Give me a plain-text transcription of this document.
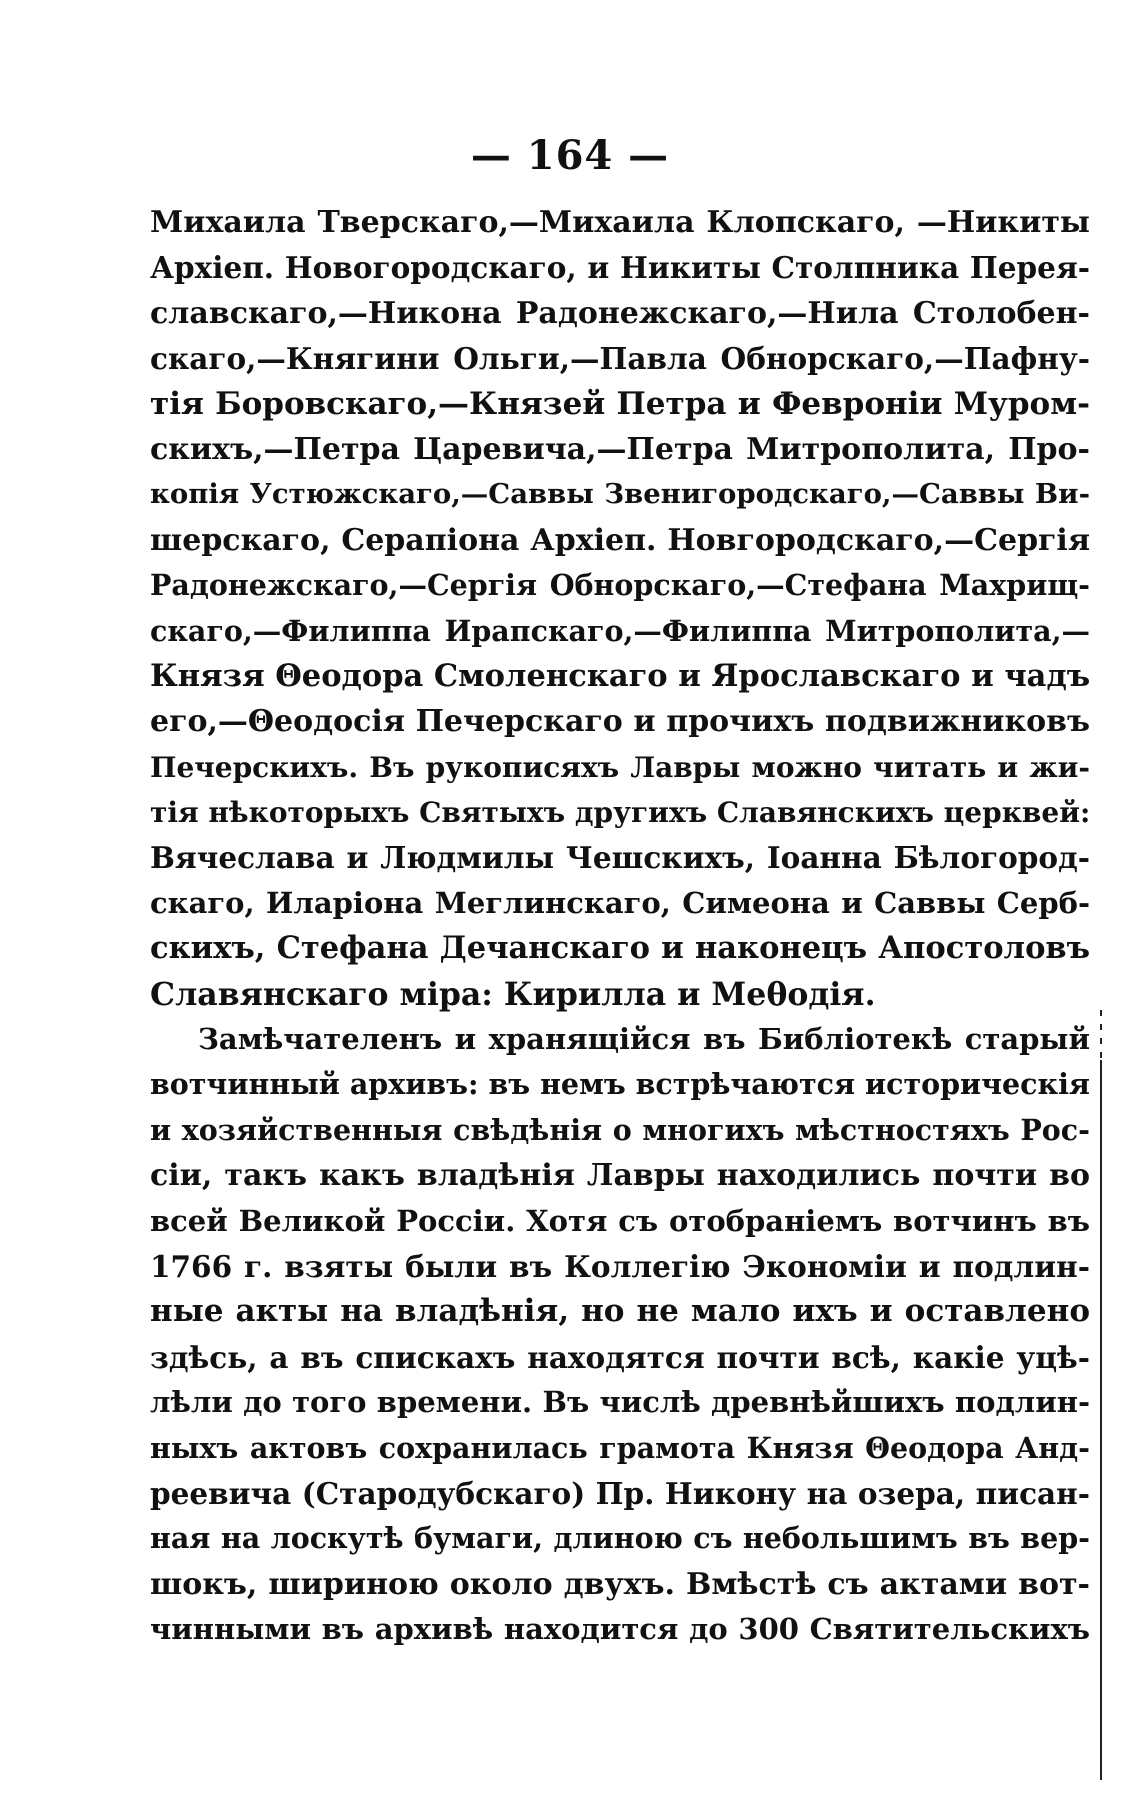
— 164 —
Михаила Тверскаго,—Михаила Клопскаго, —Никиты
Архіеп. Новогородскаго, и Никиты Столпника Перея-
славскаго,—Никона Радонежскаго,—Нила Столобен-
скаго,—Княгини Ольги,—Павла Обнорскаго,—Пафну-
тія Боровскаго,—Князей Петра и Февроніи Муром-
скихъ,—Петра Царевича,—Петра Митрополита, Про-
копія Устюжскаго,—Саввы Звенигородскаго,—Саввы Ви-
шерскаго, Серапіона Архіеп. Новгородскаго,—Сергія
Радонежскаго,—Сергія Обнорскаго,—Стефана Махрищ-
скаго,—Филиппа Ирапскаго,—Филиппа Митрополита,—
Князя Θеодора Смоленскаго и Ярославскаго и чадъ
его,—Θеодосія Печерскаго и прочихъ подвижниковъ
Печерскихъ. Въ рукописяхъ Лавры можно читать и жи-
тія нѣкоторыхъ Святыхъ другихъ Славянскихъ церквей:
Вячеслава и Людмилы Чешскихъ, Іоанна Бѣлогород-
скаго, Иларіона Меглинскаго, Симеона и Саввы Серб-
скихъ, Стефана Дечанскаго и наконецъ Апостоловъ
Славянскаго міра: Кирилла и Меθодія.
Замѣчателенъ и хранящійся въ Библіотекѣ старый
вотчинный архивъ: въ немъ встрѣчаются историческія
и хозяйственныя свѣдѣнія о многихъ мѣстностяхъ Рос-
сіи, такъ какъ владѣнія Лавры находились почти во
всей Великой Россіи. Хотя съ отобраніемъ вотчинъ въ
1766 г. взяты были въ Коллегію Экономіи и подлин-
ные акты на владѣнія, но не мало ихъ и оставлено
здѣсь, а въ спискахъ находятся почти всѣ, какіе уцѣ-
лѣли до того времени. Въ числѣ древнѣйшихъ подлин-
ныхъ актовъ сохранилась грамота Князя Θеодора Анд-
реевича (Стародубскаго) Пр. Никону на озера, писан-
ная на лоскутѣ бумаги, длиною съ небольшимъ въ вер-
шокъ, шириною около двухъ. Вмѣстѣ съ актами вот-
чинными въ архивѣ находится до 300 Святительскихъ
